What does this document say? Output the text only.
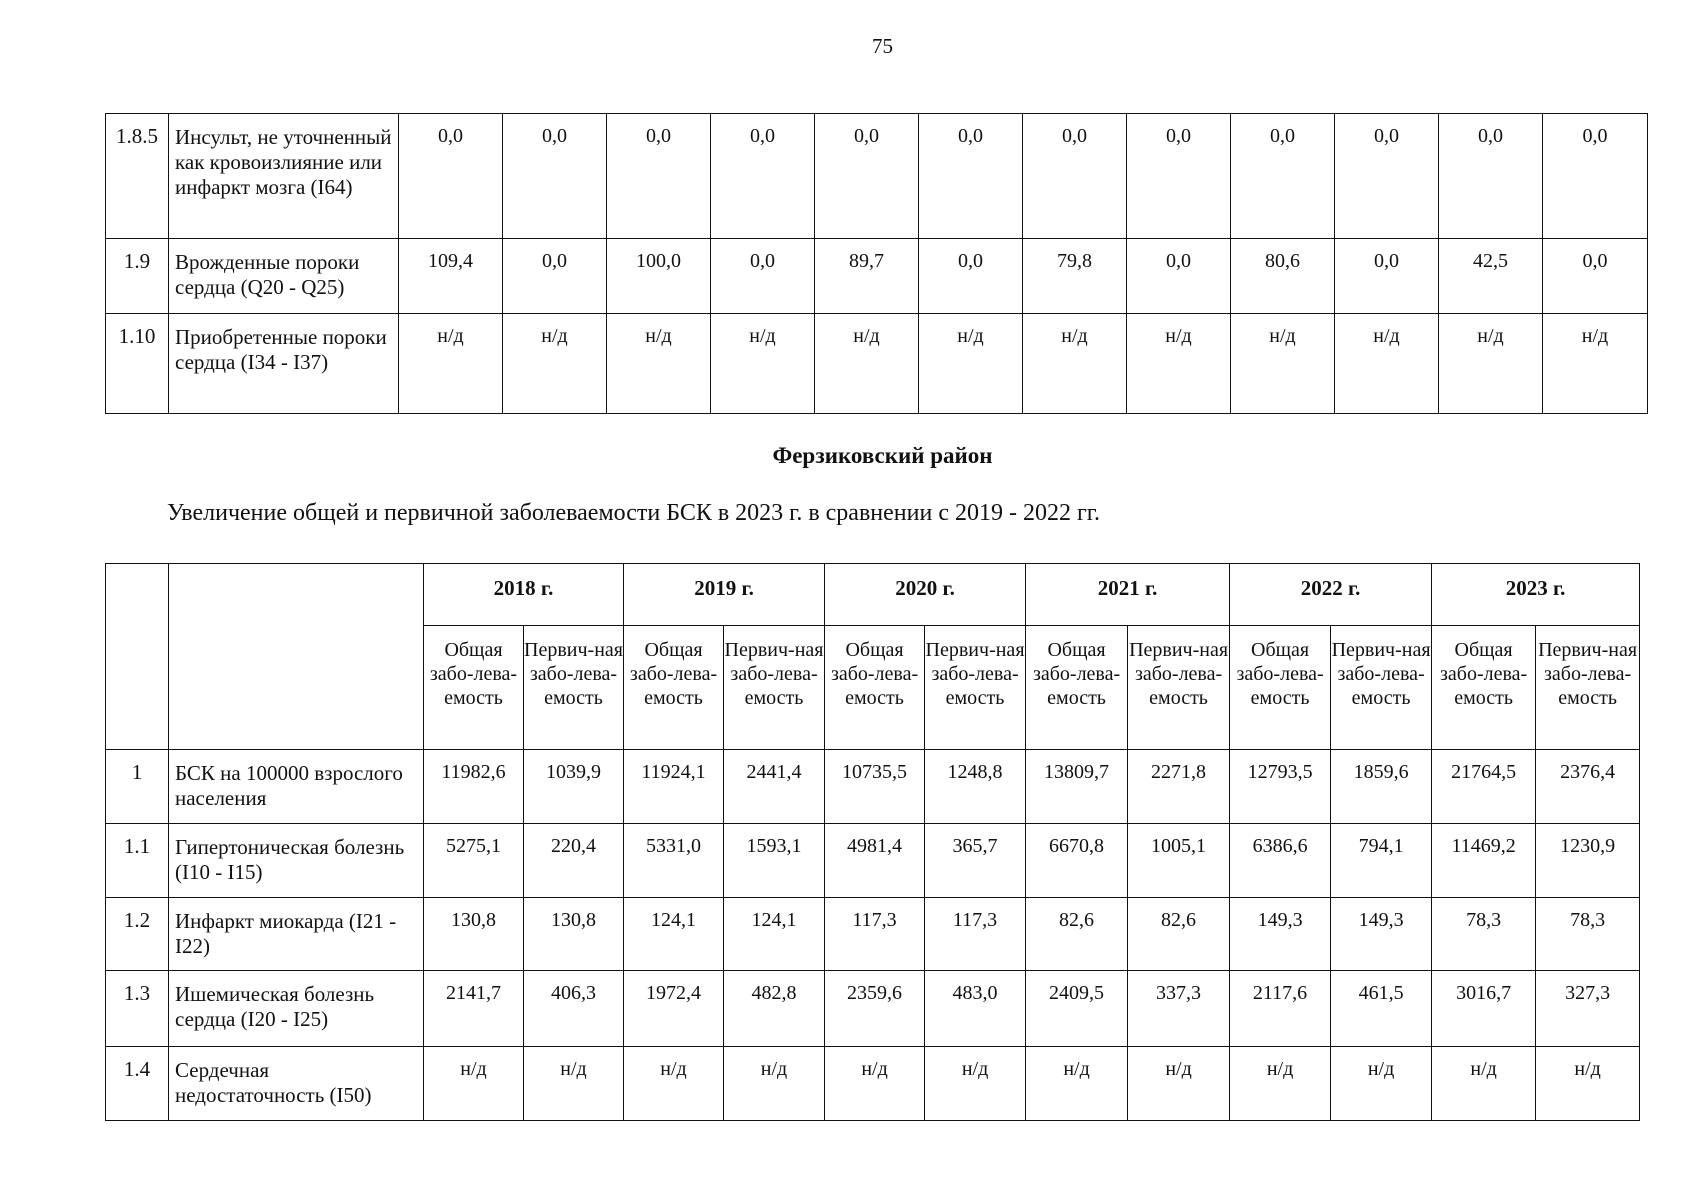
75
1.8.5	Инсульт, не уточненный как кровоизлияние или инфаркт мозга (I64)	0,0	0,0	0,0	0,0	0,0	0,0	0,0	0,0	0,0	0,0	0,0	0,0
1.9	Врожденные пороки сердца (Q20 - Q25)	109,4	0,0	100,0	0,0	89,7	0,0	79,8	0,0	80,6	0,0	42,5	0,0
1.10	Приобретенные пороки сердца (I34 - I37)	н/д	н/д	н/д	н/д	н/д	н/д	н/д	н/д	н/д	н/д	н/д	н/д
Ферзиковский район
Увеличение общей и первичной заболеваемости БСК в 2023 г. в сравнении с 2019 - 2022 гг.
		2018 г.		2019 г.		2020 г.		2021 г.		2022 г.		2023 г.	
		Общая забо-лева-емость	Первич-ная забо-лева-емость	Общая забо-лева-емость	Первич-ная забо-лева-емость	Общая забо-лева-емость	Первич-ная забо-лева-емость	Общая забо-лева-емость	Первич-ная забо-лева-емость	Общая забо-лева-емость	Первич-ная забо-лева-емость	Общая забо-лева-емость	Первич-ная забо-лева-емость
1	БСК на 100000 взрослого населения	11982,6	1039,9	11924,1	2441,4	10735,5	1248,8	13809,7	2271,8	12793,5	1859,6	21764,5	2376,4
1.1	Гипертоническая болезнь (I10 - I15)	5275,1	220,4	5331,0	1593,1	4981,4	365,7	6670,8	1005,1	6386,6	794,1	11469,2	1230,9
1.2	Инфаркт миокарда (I21 - I22)	130,8	130,8	124,1	124,1	117,3	117,3	82,6	82,6	149,3	149,3	78,3	78,3
1.3	Ишемическая болезнь сердца (I20 - I25)	2141,7	406,3	1972,4	482,8	2359,6	483,0	2409,5	337,3	2117,6	461,5	3016,7	327,3
1.4	Сердечная недостаточность (I50)	н/д	н/д	н/д	н/д	н/д	н/д	н/д	н/д	н/д	н/д	н/д	н/д
